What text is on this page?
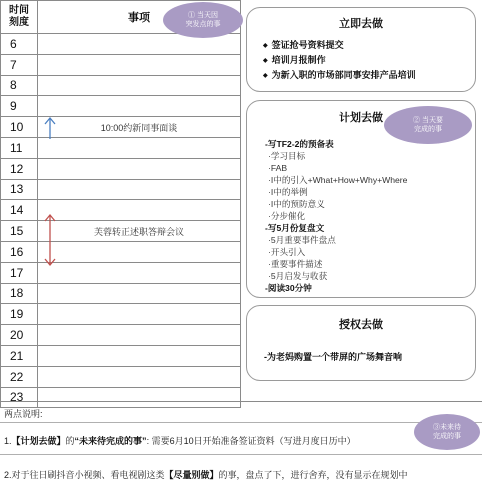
时间刻度	事项
6	
7	
8	
9	
10	10:00约新同事面谈
11	
12	
13	
14	
15	芙蓉转正述职答辩会议
16	
17	
18	
19	
20	
21	
22	
23	
① 当天因
突发点的事	立即去做
◆ 签证抢号资料提交
◆ 培训月报制作
◆ 为新入职的市场部同事安排产品培训
计划去做
-写TF2-2的预备表
·学习目标
·FAB
·I中的引入+What+How+Why+Where
·I中的举例
·I中的预防意义
·分步催化
-写5月份复盘文
·5月重要事件盘点
·开头引入
·重要事件描述
·5月启发与收获
-阅读30分钟
② 当天要
完成的事
授权去做
-为老妈购置一个带屏的广场舞音响
两点说明:
1.【计划去做】的“未来待完成的事”: 需要6月10日开始准备签证资料（写进月度日历中）
2.对于往日刷抖音小视频、看电视剧这类【尽量别做】的事，盘点了下，进行舍弃，没有显示在规划中
③未来待
完成的事
